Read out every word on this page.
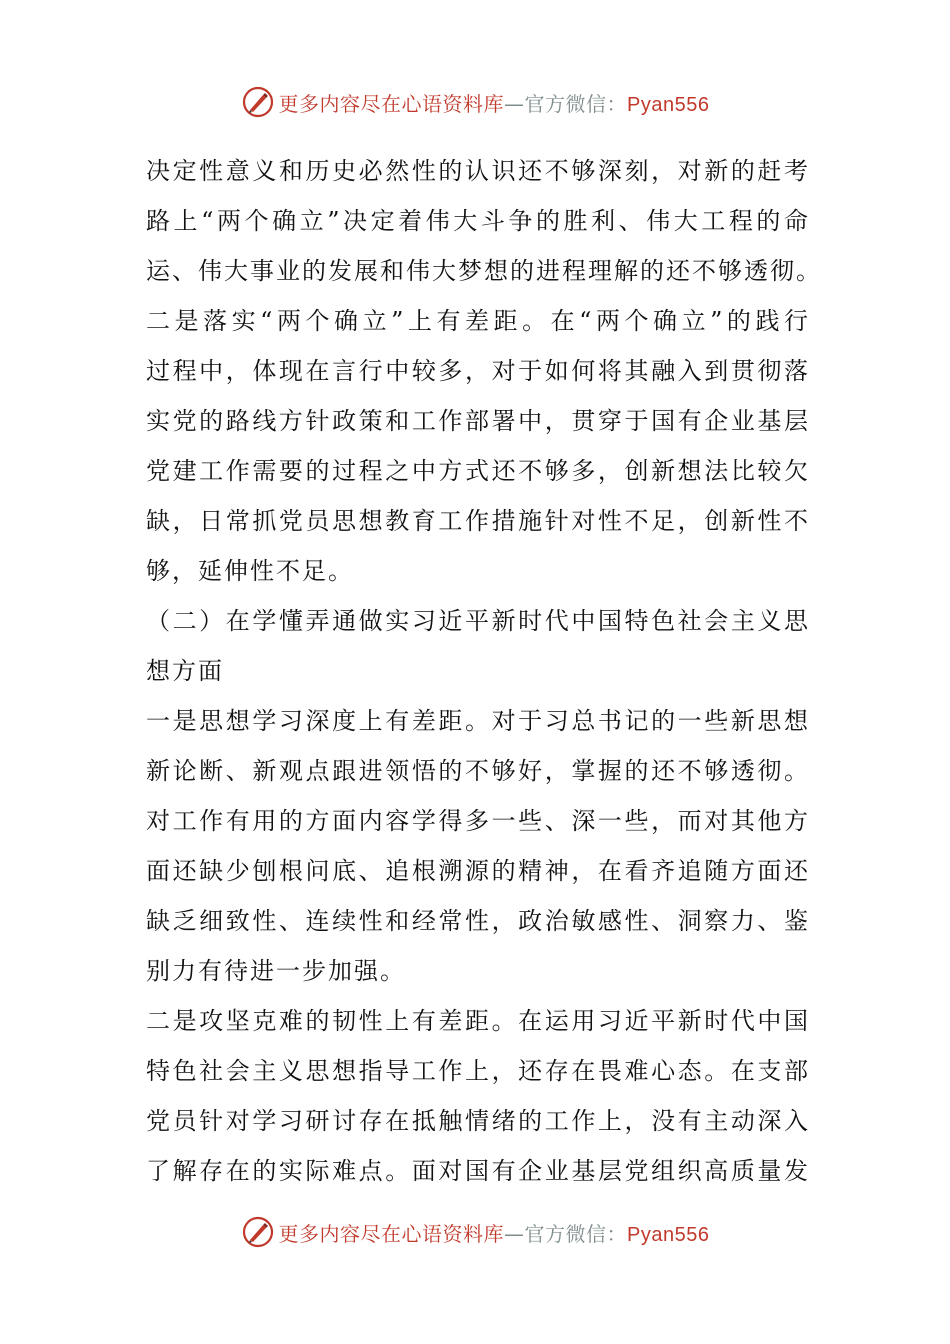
更多内容尽在心语资料库—官方微信：Pyan556
决定性意义和历史必然性的认识还不够深刻，对新的赶考
路上“两个确立”决定着伟大斗争的胜利、伟大工程的命
运、伟大事业的发展和伟大梦想的进程理解的还不够透彻。
二是落实“两个确立”上有差距。在“两个确立”的践行
过程中，体现在言行中较多，对于如何将其融入到贯彻落
实党的路线方针政策和工作部署中，贯穿于国有企业基层
党建工作需要的过程之中方式还不够多，创新想法比较欠
缺，日常抓党员思想教育工作措施针对性不足，创新性不
够，延伸性不足。
（二）在学懂弄通做实习近平新时代中国特色社会主义思
想方面
一是思想学习深度上有差距。对于习总书记的一些新思想
新论断、新观点跟进领悟的不够好，掌握的还不够透彻。
对工作有用的方面内容学得多一些、深一些，而对其他方
面还缺少刨根问底、追根溯源的精神，在看齐追随方面还
缺乏细致性、连续性和经常性，政治敏感性、洞察力、鉴
别力有待进一步加强。
二是攻坚克难的韧性上有差距。在运用习近平新时代中国
特色社会主义思想指导工作上，还存在畏难心态。在支部
党员针对学习研讨存在抵触情绪的工作上，没有主动深入
了解存在的实际难点。面对国有企业基层党组织高质量发
更多内容尽在心语资料库—官方微信：Pyan556
